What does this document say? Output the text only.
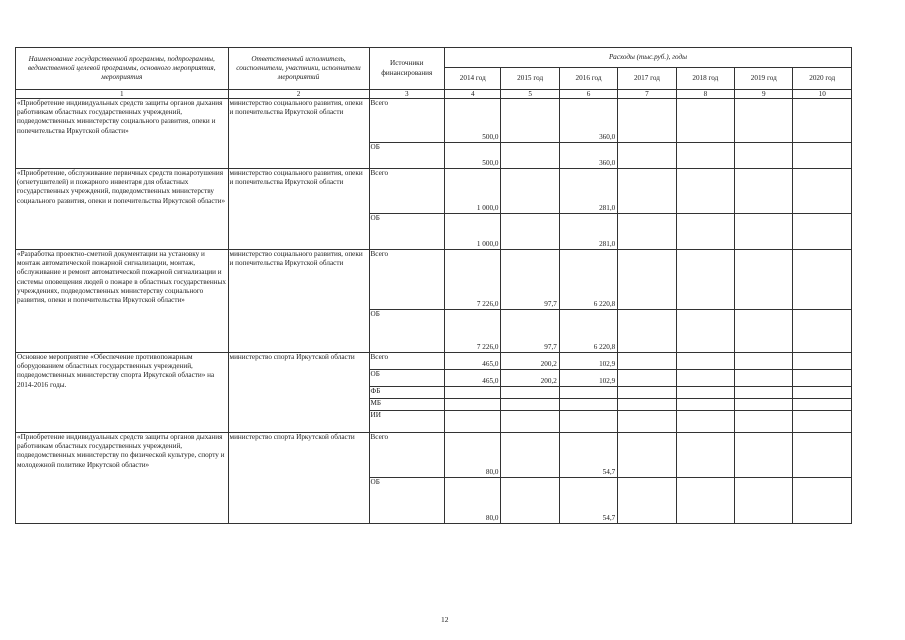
Наименование государственной программы, подпрограммы, ведомственной целевой программы, основного мероприятия, мероприятия	Ответственный исполнитель, соисполнители, участники, исполнители мероприятий	Источники финансирования	Расходы (тыс.руб.), годы						
			2014 год	2015 год	2016 год	2017 год	2018 год	2019 год	2020 год
1	2	3	4	5	6	7	8	9	10
«Приобретение индивидуальных средств защиты органов дыхания работникам областных государственных учреждений, подведомственных министерству социального развития, опеки и попечительства Иркутской области»	министерство социального развития, опеки и попечительства Иркутской области	Всего	500,0		360,0				
		ОБ	500,0		360,0				
«Приобретение, обслуживание первичных средств пожаротушения (огнетушителей) и пожарного инвентаря для областных государственных учреждений, подведомственных министерству социального развития, опеки и попечительства Иркутской области»	министерство социального развития, опеки и попечительства Иркутской области	Всего	1 000,0		281,0				
		ОБ	1 000,0		281,0				
«Разработка проектно-сметной документации на установку и монтаж автоматической пожарной сигнализации, монтаж, обслуживание и ремонт автоматической пожарной сигнализации и системы оповещения людей о пожаре в областных государственных учреждениях, подведомственных министерству социального развития, опеки и попечительства Иркутской области»	министерство социального развития, опеки и попечительства Иркутской области	Всего	7 226,0	97,7	6 220,8				
		ОБ	7 226,0	97,7	6 220,8				
Основное мероприятие «Обеспечение противопожарным оборудованием областных государственных учреждений, подведомственных министерству спорта Иркутской области» на 2014-2016 годы.	министерство спорта Иркутской области	Всего	465,0	200,2	102,9				
		ОБ	465,0	200,2	102,9				
		ФБ							
		МБ							
		ИИ							
«Приобретение индивидуальных средств защиты органов дыхания работникам областных государственных учреждений, подведомственных министерству по физической культуре, спорту и молодежной политике Иркутской области»	министерство спорта Иркутской области	Всего	80,0		54,7				
		ОБ	80,0		54,7				
12
